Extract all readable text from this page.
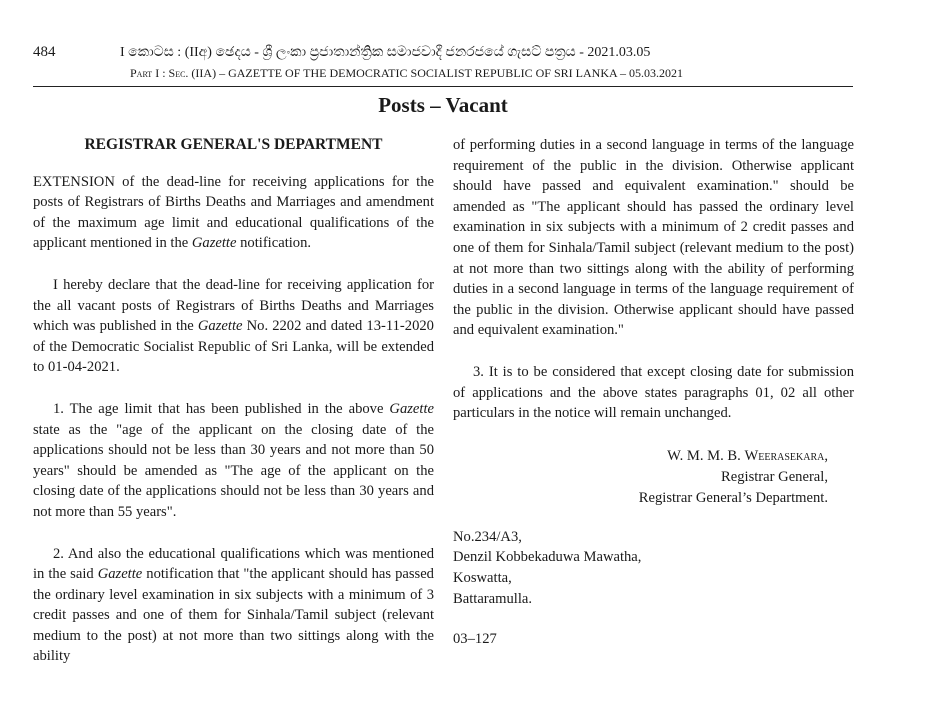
484	I කොටස : (IIඅ) ඡෙදය - ශ්‍රී ලංකා ප්‍රජාතාන්ත්‍රික සමාජවාදී ජනරජයේ ගැසට් පත්‍රය - 2021.03.05
Part I : Sec. (IIA) – GAZETTE OF THE DEMOCRATIC SOCIALIST REPUBLIC OF SRI LANKA – 05.03.2021
Posts – Vacant

REGISTRAR GENERAL'S DEPARTMENT

EXTENSION of the dead-line for receiving applications for the posts of Registrars of Births Deaths and Marriages and amendment of the maximum age limit and educational qualifications of the applicant mentioned in the Gazette notification.

I hereby declare that the dead-line for receiving application for the all vacant posts of Registrars of Births Deaths and Marriages which was published in the Gazette No. 2202 and dated 13-11-2020 of the Democratic Socialist Republic of Sri Lanka, will be extended to 01-04-2021.

1. The age limit that has been published in the above Gazette state as the "age of the applicant on the closing date of the applications should not be less than 30 years and not more than 50 years" should be amended as "The age of the applicant on the closing date of the applications should not be less than 30 years and not more than 55 years".

2. And also the educational qualifications which was mentioned in the said Gazette notification that "the applicant should has passed the ordinary level examination in six subjects with a minimum of 3 credit passes and one of them for Sinhala/Tamil subject (relevant medium to the post) at not more than two sittings along with the ability

of performing duties in a second language in terms of the language requirement of the public in the division. Otherwise applicant should have passed and equivalent examination." should be amended as "The applicant should has passed the ordinary level examination in six subjects with a minimum of 2 credit passes and one of them for Sinhala/Tamil subject (relevant medium to the post) at not more than two sittings along with the ability of performing duties in a second language in terms of the language requirement of the public in the division. Otherwise applicant should have passed and equivalent examination."

3. It is to be considered that except closing date for submission of applications and the above states paragraphs 01, 02 all other particulars in the notice will remain unchanged.

W. M. M. B. Weerasekara,
Registrar General,
Registrar General’s Department.

No.234/A3,
Denzil Kobbekaduwa Mawatha,
Koswatta,
Battaramulla.

03–127
